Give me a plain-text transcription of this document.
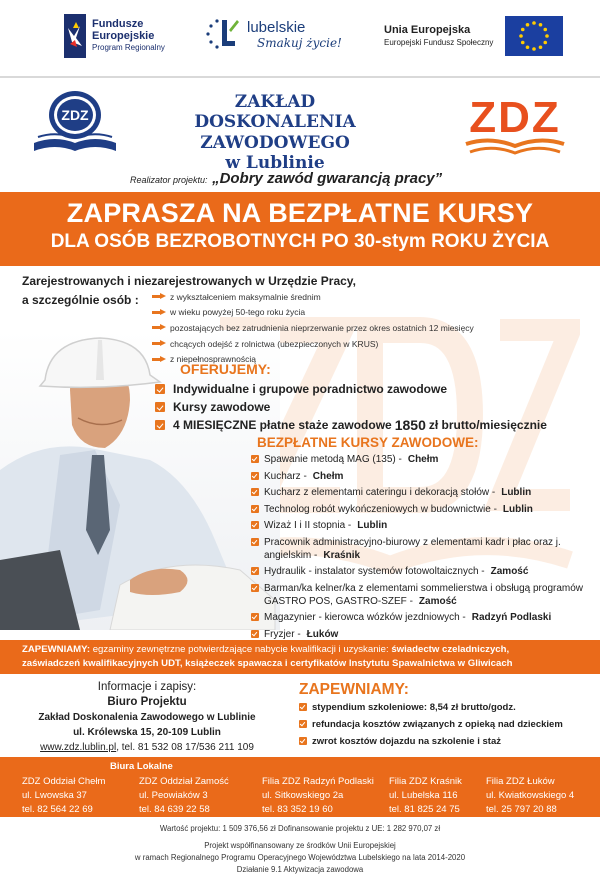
Fundusze
Europejskie
Program Regionalny
lubelskie
Smakuj życie!
Unia Europejska
Europejski Fundusz Społeczny
ZDZ
ZAKŁAD
DOSKONALENIA ZAWODOWEGO
w Lublinie
ZDZ
Realizator projektu: „Dobry zawód gwarancją pracy”
ZAPRASZA NA BEZPŁATNE KURSY
DLA OSÓB BEZROBOTNYCH PO 30-stym ROKU ŻYCIA
Zarejestrowanych i niezarejestrowanych w Urzędzie Pracy,
a szczególnie osób :	z wykształceniem maksymalnie średnim
w wieku powyżej 50-tego roku życia
pozostających bez zatrudnienia nieprzerwanie przez okres ostatnich 12 miesięcy
chcących odejść z rolnictwa (ubezpieczonych w KRUS)
z niepełnosprawnością
OFERUJEMY:
Indywidualne i grupowe poradnictwo zawodowe
Kursy zawodowe
4 MIESIĘCZNE płatne staże zawodowe 1850 zł brutto/miesięcznie
BEZPŁATNE KURSY ZAWODOWE:
Spawanie metodą MAG (135) - Chełm
Kucharz - Chełm
Kucharz z elementami cateringu i dekoracją stołów - Lublin
Technolog robót wykończeniowych w budownictwie - Lublin
Wizaż I i II stopnia - Lublin
Pracownik administracyjno-biurowy z elementami kadr i płac oraz j. angielskim - Kraśnik
Hydraulik - instalator systemów fotowoltaicznych - Zamość
Barman/ka kelner/ka z elementami sommelierstwa i obsługą programów GASTRO POS, GASTRO-SZEF - Zamość
Magazynier - kierowca wózków jezdniowych - Radzyń Podlaski
Fryzjer - Łuków
ZAPEWNIAMY: egzaminy zewnętrzne potwierdzające nabycie kwalifikacji i uzyskanie: świadectw czeladniczych,
zaświadczeń kwalifikacyjnych UDT, książeczek spawacza i certyfikatów Instytutu Spawalnictwa w Gliwicach
Informacje i zapisy:
Biuro Projektu
Zakład Doskonalenia Zawodowego w Lublinie
ul. Królewska 15, 20-109 Lublin
www.zdz.lublin.pl, tel. 81 532 08 17/536 211 109
ZAPEWNIAMY:
stypendium szkoleniowe: 8,54 zł brutto/godz.
refundacja kosztów związanych z opieką nad dzieckiem
zwrot kosztów dojazdu na szkolenie i staż
Biura Lokalne
ZDZ Oddział Chełm
ul. Lwowska 37
tel. 82 564 22 69
ZDZ Oddział Zamość
ul. Peowiaków 3
tel. 84 639 22 58
Filia ZDZ Radzyń Podlaski
ul. Sitkowskiego 2a
tel. 83 352 19 60
Filia ZDZ Kraśnik
ul. Lubelska 116
tel. 81 825 24 75
Filia ZDZ Łuków
ul. Kwiatkowskiego 4
tel. 25 797 20 88
Wartość projektu: 1 509 376,56 zł Dofinansowanie projektu z UE: 1 282 970,07 zł
Projekt współfinansowany ze środków Unii Europejskiej
w ramach Regionalnego Programu Operacyjnego Województwa Lubelskiego na lata 2014-2020
Działanie 9.1 Aktywizacja zawodowa
